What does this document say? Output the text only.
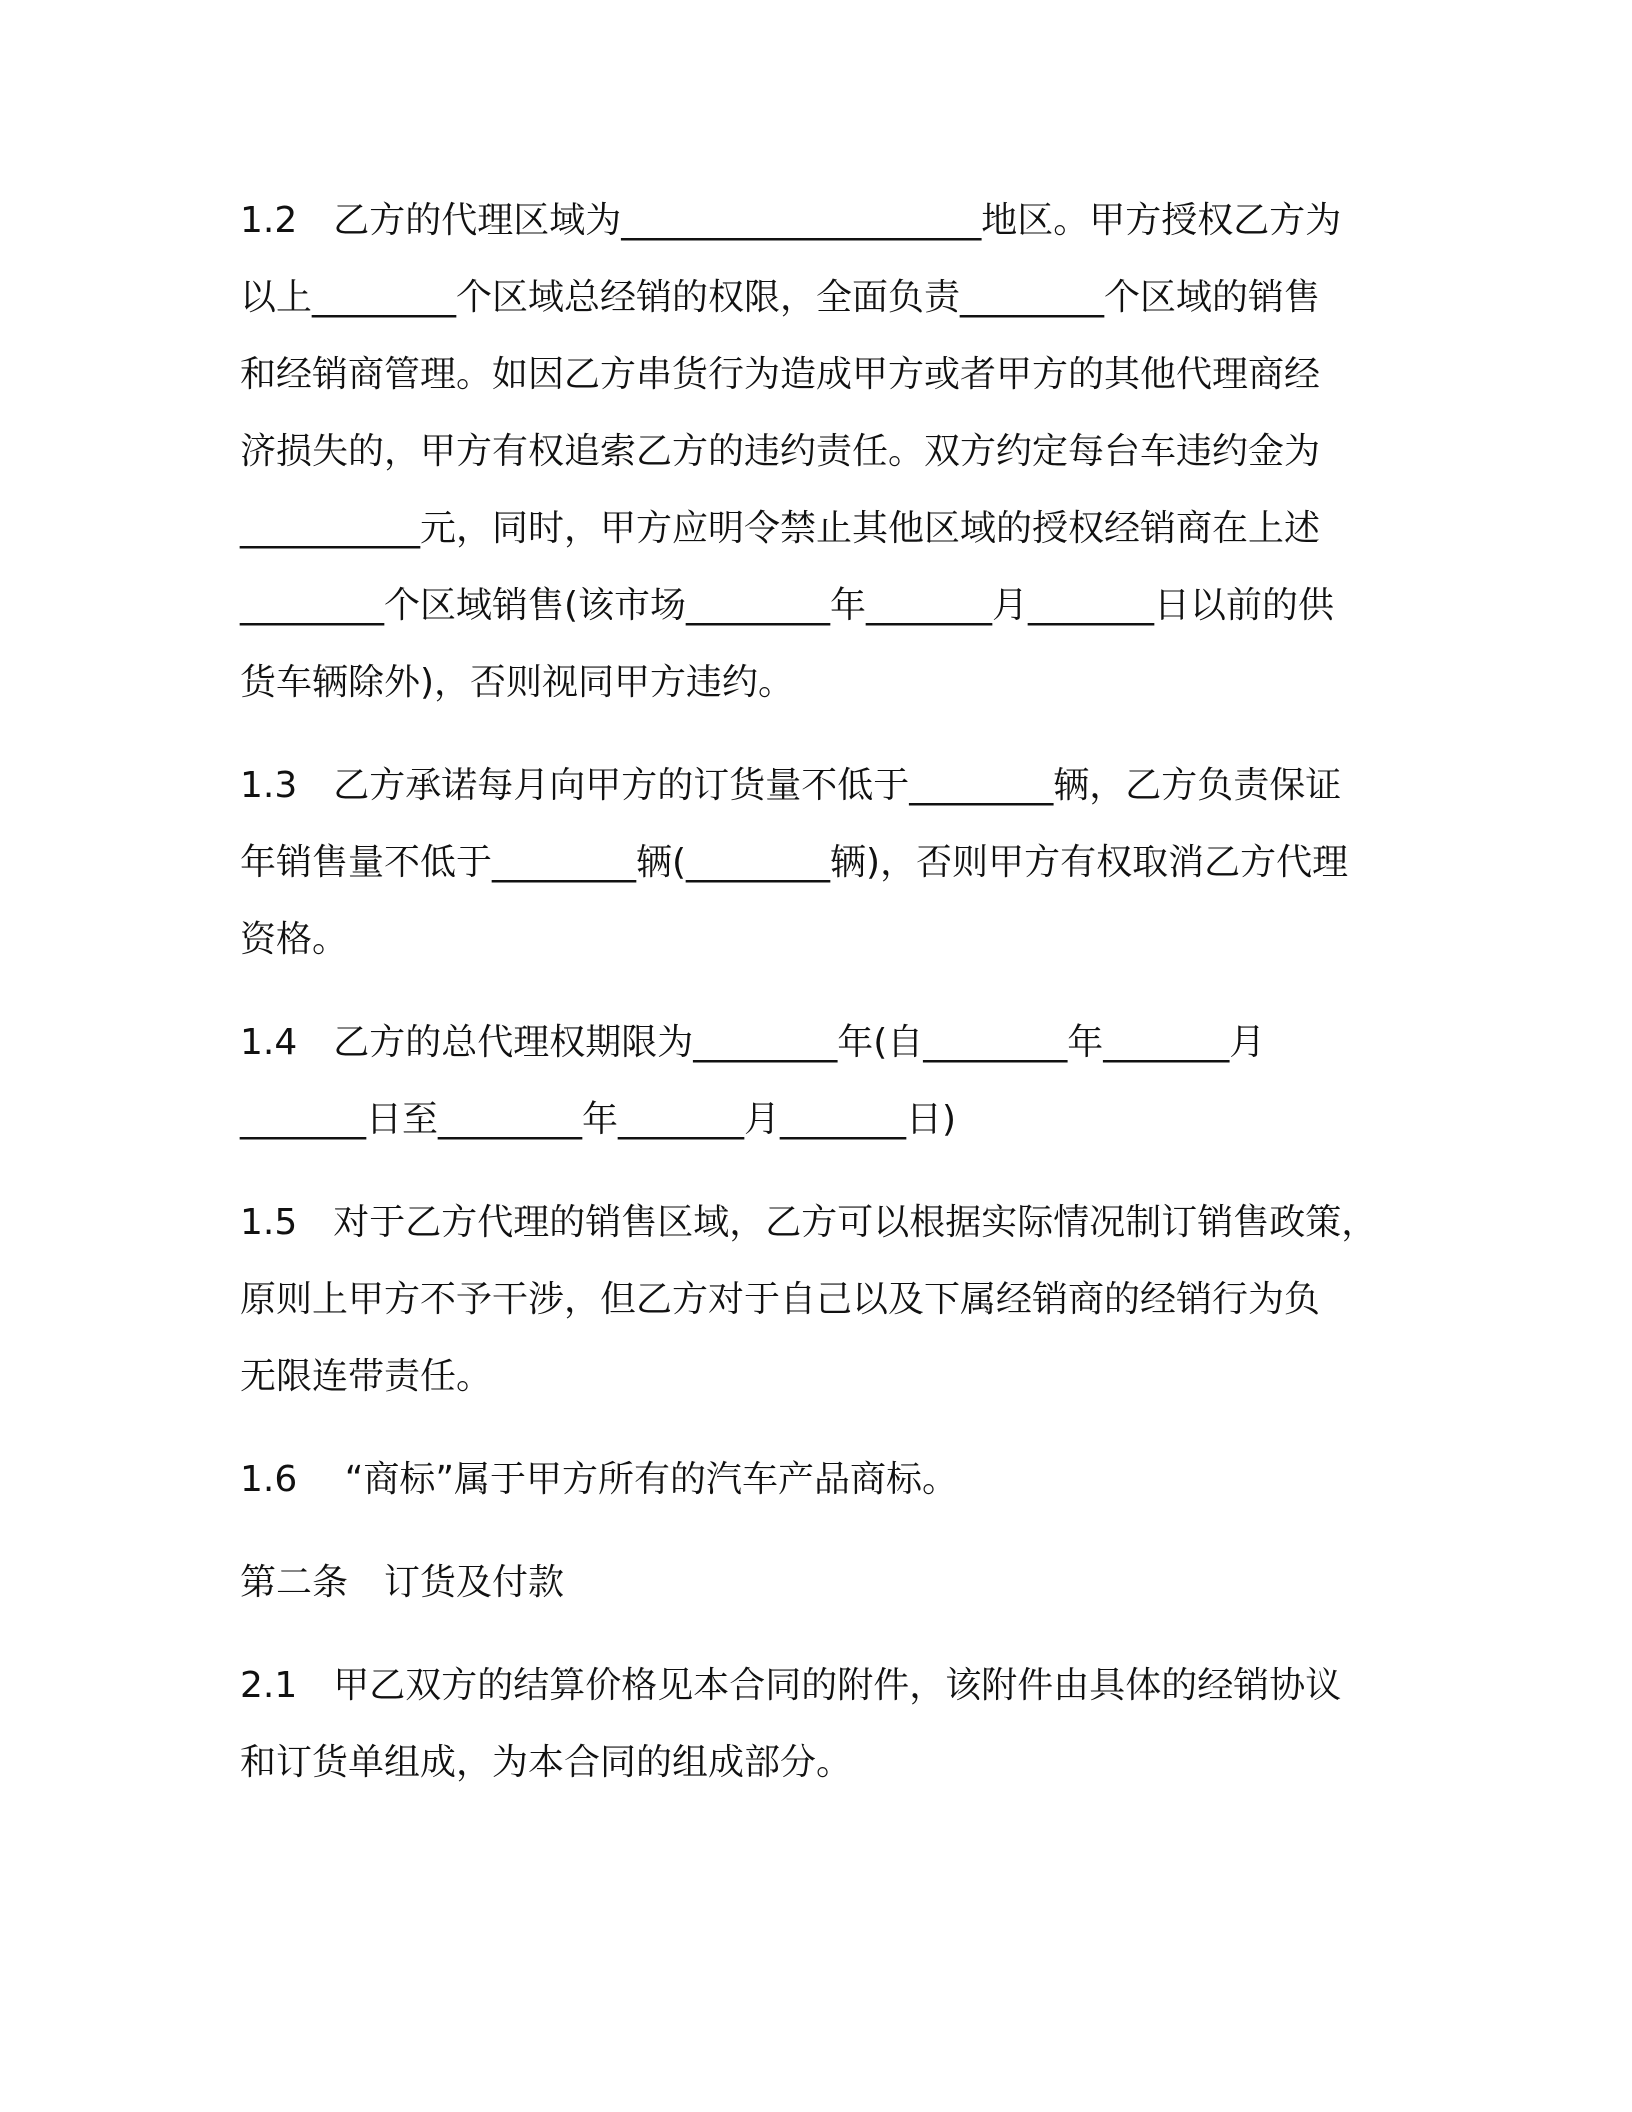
1.2　乙方的代理区域为____________________地区。甲方授权乙方为
以上________个区域总经销的权限，全面负责________个区域的销售
和经销商管理。如因乙方串货行为造成甲方或者甲方的其他代理商经
济损失的，甲方有权追索乙方的违约责任。双方约定每台车违约金为
__________元，同时，甲方应明令禁止其他区域的授权经销商在上述
________个区域销售(该市场________年_______月_______日以前的供
货车辆除外)，否则视同甲方违约。

1.3　乙方承诺每月向甲方的订货量不低于________辆，乙方负责保证
年销售量不低于________辆(________辆)，否则甲方有权取消乙方代理
资格。

1.4　乙方的总代理权期限为________年(自________年_______月
_______日至________年_______月_______日)

1.5　对于乙方代理的销售区域，乙方可以根据实际情况制订销售政策，
原则上甲方不予干涉，但乙方对于自己以及下属经销商的经销行为负
无限连带责任。

1.6　 “商标”属于甲方所有的汽车产品商标。

第二条　订货及付款

2.1　甲乙双方的结算价格见本合同的附件，该附件由具体的经销协议
和订货单组成，为本合同的组成部分。
